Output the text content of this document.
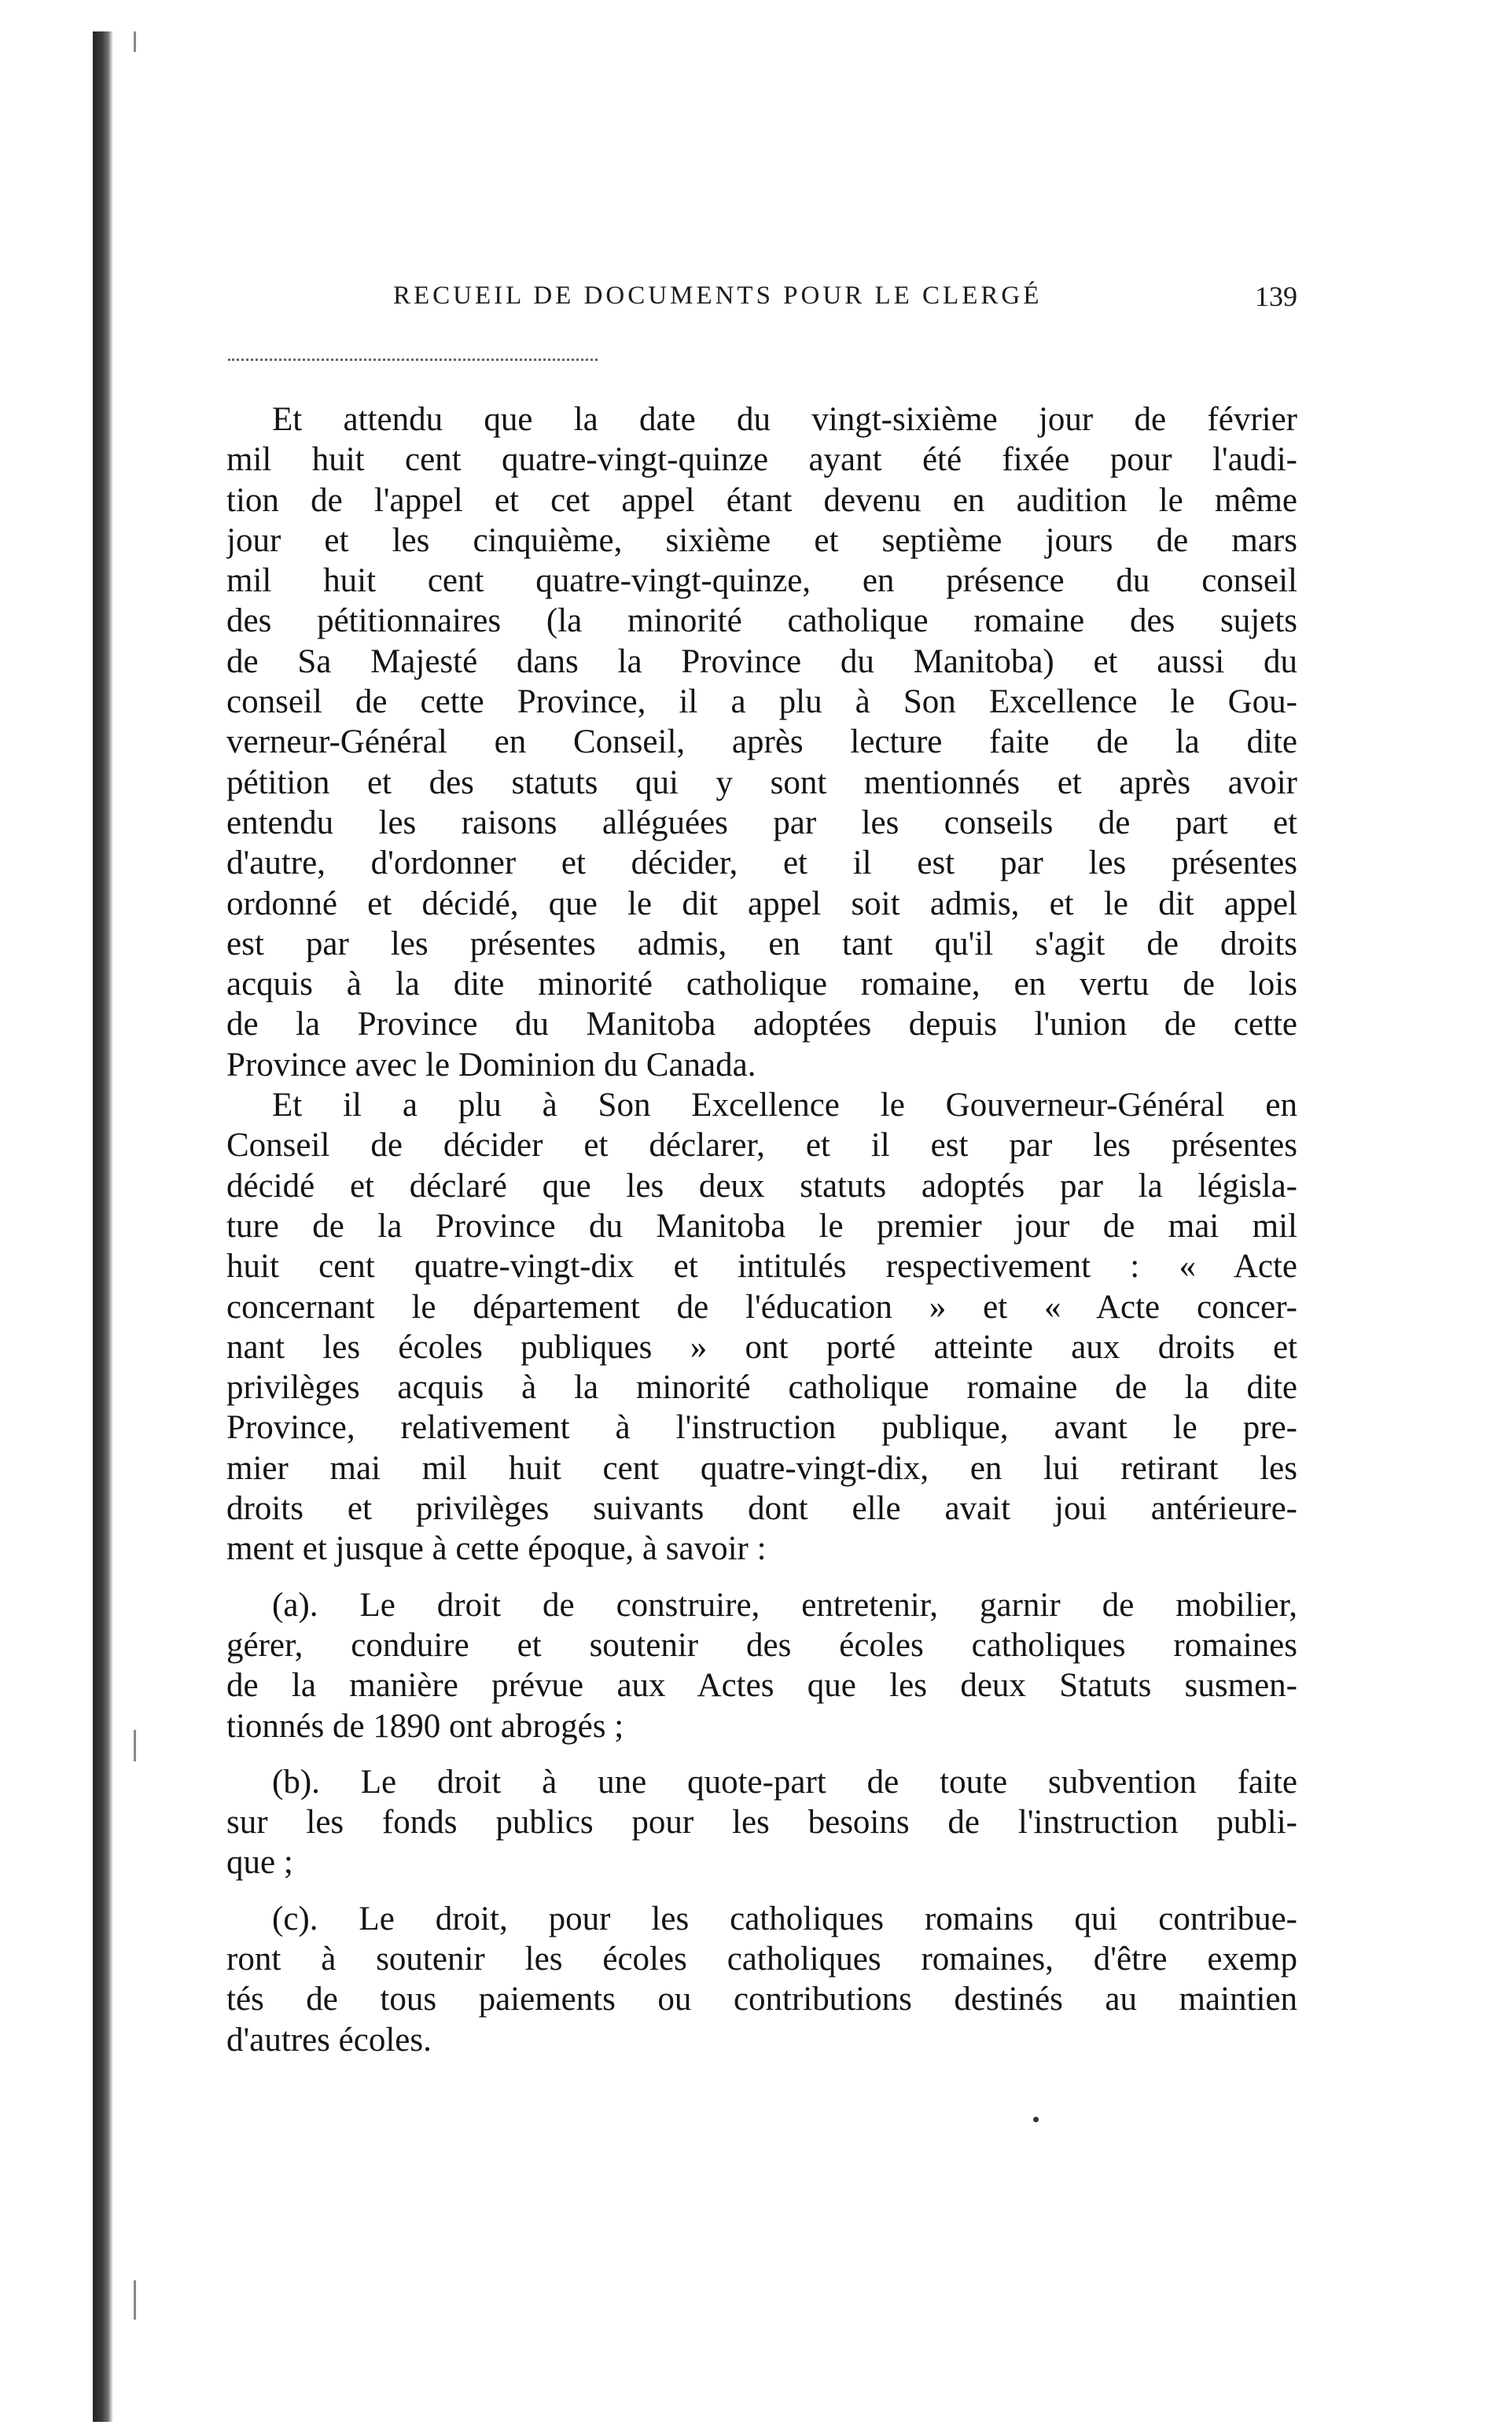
RECUEIL DE DOCUMENTS POUR LE CLERGÉ	139
Et attendu que la date du vingt-sixième jour de février
mil huit cent quatre-vingt-quinze ayant été fixée pour l'audi-
tion de l'appel et cet appel étant devenu en audition le même
jour et les cinquième, sixième et septième jours de mars
mil huit cent quatre-vingt-quinze, en présence du conseil
des pétitionnaires (la minorité catholique romaine des sujets
de Sa Majesté dans la Province du Manitoba) et aussi du
conseil de cette Province, il a plu à Son Excellence le Gou-
verneur-Général en Conseil, après lecture faite de la dite
pétition et des statuts qui y sont mentionnés et après avoir
entendu les raisons alléguées par les conseils de part et
d'autre, d'ordonner et décider, et il est par les présentes
ordonné et décidé, que le dit appel soit admis, et le dit appel
est par les présentes admis, en tant qu'il s'agit de droits
acquis à la dite minorité catholique romaine, en vertu de lois
de la Province du Manitoba adoptées depuis l'union de cette
Province avec le Dominion du Canada.
Et il a plu à Son Excellence le Gouverneur-Général en
Conseil de décider et déclarer, et il est par les présentes
décidé et déclaré que les deux statuts adoptés par la législa-
ture de la Province du Manitoba le premier jour de mai mil
huit cent quatre-vingt-dix et intitulés respectivement : « Acte
concernant le département de l'éducation » et « Acte concer-
nant les écoles publiques » ont porté atteinte aux droits et
privilèges acquis à la minorité catholique romaine de la dite
Province, relativement à l'instruction publique, avant le pre-
mier mai mil huit cent quatre-vingt-dix, en lui retirant les
droits et privilèges suivants dont elle avait joui antérieure-
ment et jusque à cette époque, à savoir :
(a). Le droit de construire, entretenir, garnir de mobilier,
gérer, conduire et soutenir des écoles catholiques romaines
de la manière prévue aux Actes que les deux Statuts susmen-
tionnés de 1890 ont abrogés ;
(b). Le droit à une quote-part de toute subvention faite
sur les fonds publics pour les besoins de l'instruction publi-
que ;
(c). Le droit, pour les catholiques romains qui contribue-
ront à soutenir les écoles catholiques romaines, d'être exemp
tés de tous paiements ou contributions destinés au maintien
d'autres écoles.
